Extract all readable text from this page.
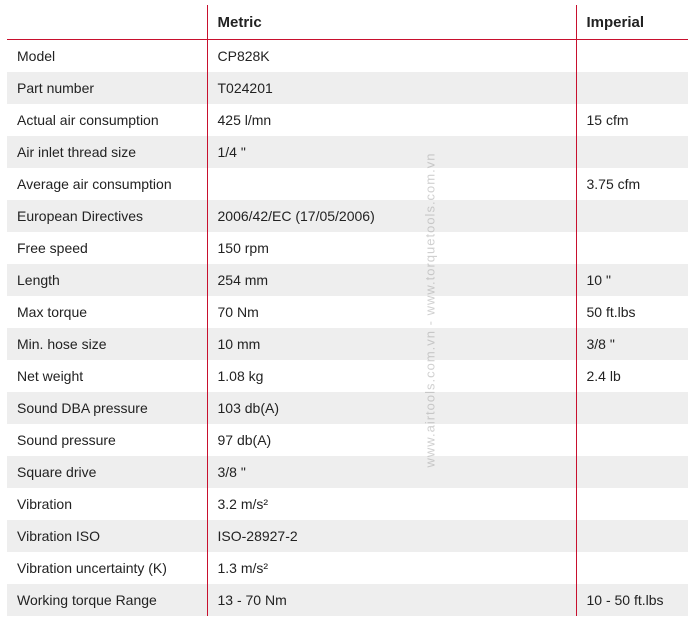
	Metric	Imperial
Model	CP828K	
Part number	T024201	
Actual air consumption	425 l/mn	15 cfm
Air inlet thread size	1/4 "	
Average air consumption		3.75 cfm
European Directives	2006/42/EC (17/05/2006)	
Free speed	150 rpm	
Length	254 mm	10 "
Max torque	70 Nm	50 ft.lbs
Min. hose size	10 mm	3/8 "
Net weight	1.08 kg	2.4 lb
Sound DBA pressure	103 db(A)	
Sound pressure	97 db(A)	
Square drive	3/8 "	
Vibration	3.2 m/s²	
Vibration ISO	ISO-28927-2	
Vibration uncertainty (K)	1.3 m/s²	
Working torque Range	13 - 70 Nm	10 - 50 ft.lbs
www.airtools.com.vn - www.torquetools.com.vn
